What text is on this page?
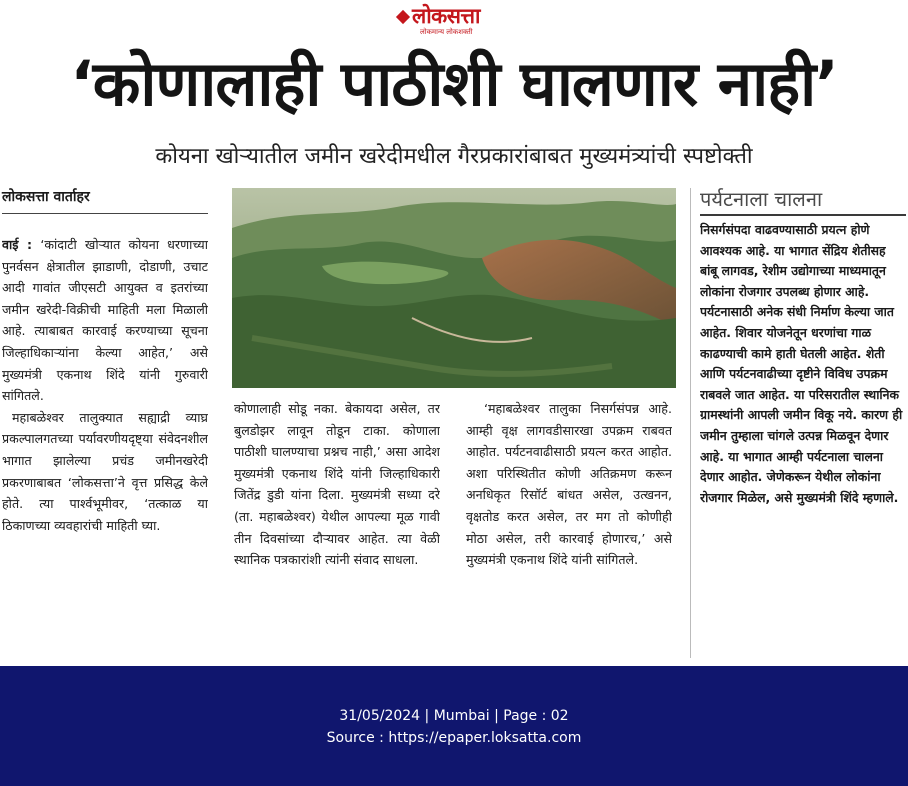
लोकसत्ता
लोकमान्य लोकशक्ती
‘कोणालाही पाठीशी घालणार नाही’
कोयना खोऱ्यातील जमीन खरेदीमधील गैरप्रकारांबाबत मुख्यमंत्र्यांची स्पष्टोक्ती
लोकसत्ता वार्ताहर

वाई : ‘कांदाटी खोऱ्यात कोयना धरणाच्या पुनर्वसन क्षेत्रातील झाडाणी, दोडाणी, उचाट आदी गावांत जीएसटी आयुक्त व इतरांच्या जमीन खरेदी-विक्रीची माहिती मला मिळाली आहे. त्याबाबत कारवाई करण्याच्या सूचना जिल्हाधिकाऱ्यांना केल्या आहेत,’ असे मुख्यमंत्री एकनाथ शिंदे यांनी गुरुवारी सांगितले.

महाबळेश्वर तालुक्यात सह्याद्री व्याघ्र प्रकल्पालगतच्या पर्यावरणीयदृष्ट्या संवेदनशील भागात झालेल्या प्रचंड जमीनखरेदी प्रकरणाबाबत ‘लोकसत्ता’ने वृत्त प्रसिद्ध केले होते. त्या पार्श्वभूमीवर, ‘तत्काळ या ठिकाणच्या व्यवहारांची माहिती घ्या.

कोणालाही सोडू नका. बेकायदा असेल, तर बुलडोझर लावून तोडून टाका. कोणाला पाठीशी घालण्याचा प्रश्नच नाही,’ असा आदेश मुख्यमंत्री एकनाथ शिंदे यांनी जिल्हाधिकारी जितेंद्र डुडी यांना दिला. मुख्यमंत्री सध्या दरे (ता. महाबळेश्वर) येथील आपल्या मूळ गावी तीन दिवसांच्या दौऱ्यावर आहेत. त्या वेळी स्थानिक पत्रकारांशी त्यांनी संवाद साधला.

‘महाबळेश्वर तालुका निसर्गसंपन्न आहे. आम्ही वृक्ष लागवडीसारखा उपक्रम राबवत आहोत. पर्यटनवाढीसाठी प्रयत्न करत आहोत. अशा परिस्थितीत कोणी अतिक्रमण करून अनधिकृत रिसॉर्ट बांधत असेल, उत्खनन, वृक्षतोड करत असेल, तर मग तो कोणीही मोठा असेल, तरी कारवाई होणारच,’ असे मुख्यमंत्री एकनाथ शिंदे यांनी सांगितले.

पर्यटनाला चालना
निसर्गसंपदा वाढवण्यासाठी प्रयत्न होणे आवश्यक आहे. या भागात सेंद्रिय शेतीसह बांबू लागवड, रेशीम उद्योगाच्या माध्यमातून लोकांना रोजगार उपलब्ध होणार आहे. पर्यटनासाठी अनेक संधी निर्माण केल्या जात आहेत. शिवार योजनेतून धरणांचा गाळ काढण्याची कामे हाती घेतली आहेत. शेती आणि पर्यटनवाढीच्या दृष्टीने विविध उपक्रम राबवले जात आहेत. या परिसरातील स्थानिक ग्रामस्थांनी आपली जमीन विकू नये. कारण ही जमीन तुम्हाला चांगले उत्पन्न मिळवून देणार आहे. या भागात आम्ही पर्यटनाला चालना देणार आहोत. जेणेकरून येथील लोकांना रोजगार मिळेल, असे मुख्यमंत्री शिंदे म्हणाले.
31/05/2024 | Mumbai | Page : 02
Source : https://epaper.loksatta.com
